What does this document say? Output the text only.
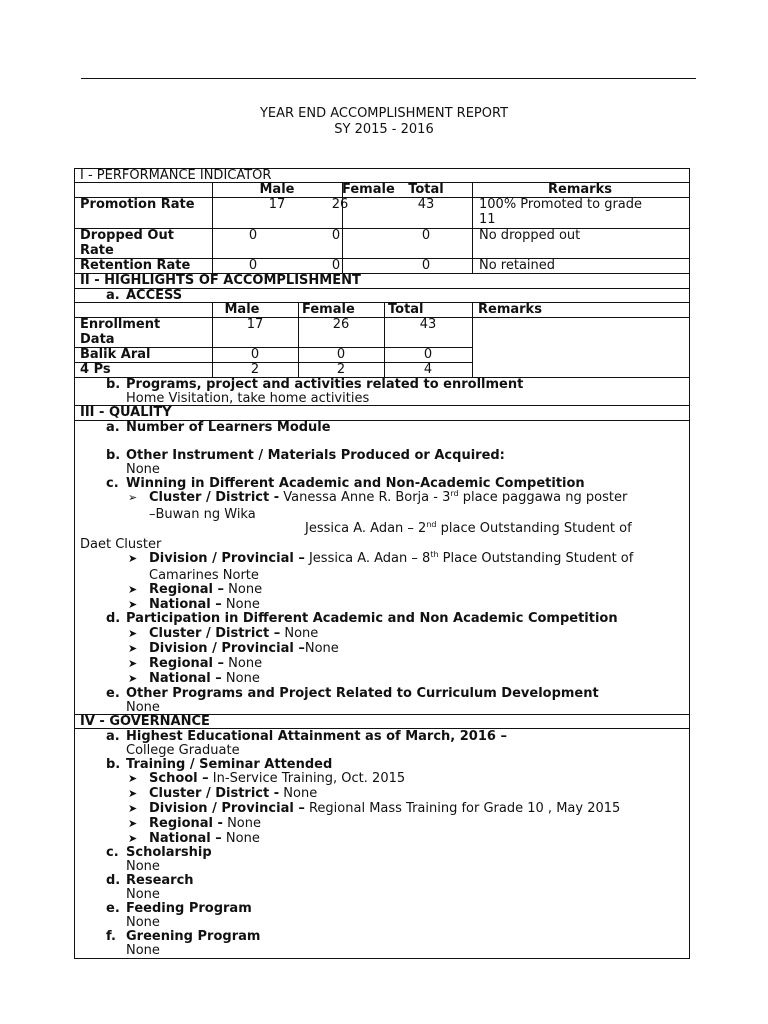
YEAR END ACCOMPLISHMENT REPORT
SY 2015 - 2016
I - PERFORMANCE INDICATOR
Male	Female	Total	Remarks
Promotion Rate	17	26	43	100% Promoted to grade
11
Dropped Out
Rate
0	0	0	No dropped out
Retention Rate	0	0	0	No retained
II - HIGHLIGHTS OF ACCOMPLISHMENT
a. ACCESS
Male	Female	Total	Remarks
Enrollment
Data
17	26	43
Balik Aral	0	0	0
4 Ps	2	2	4
b. Programs, project and activities related to enrollment
Home Visitation, take home activities
III - QUALITY
a. Number of Learners Module
b. Other Instrument / Materials Produced or Acquired:
None
c. Winning in Different Academic and Non-Academic Competition
➢ Cluster / District - Vanessa Anne R. Borja - 3rd place paggawa ng poster
–Buwan ng Wika
Jessica A. Adan – 2nd place Outstanding Student of
Daet Cluster
➤ Division / Provincial – Jessica A. Adan – 8th Place Outstanding Student of
Camarines Norte
➤ Regional – None
➤ National – None
d. Participation in Different Academic and Non Academic Competition
➤ Cluster / District – None
➤ Division / Provincial –None
➤ Regional – None
➤ National – None
e. Other Programs and Project Related to Curriculum Development
None
IV - GOVERNANCE
a. Highest Educational Attainment as of March, 2016 –
College Graduate
b. Training / Seminar Attended
➤ School – In-Service Training, Oct. 2015
➤ Cluster / District - None
➤ Division / Provincial – Regional Mass Training for Grade 10 , May 2015
➤ Regional - None
➤ National – None
c. Scholarship
None
d. Research
None
e. Feeding Program
None
f. Greening Program
None
